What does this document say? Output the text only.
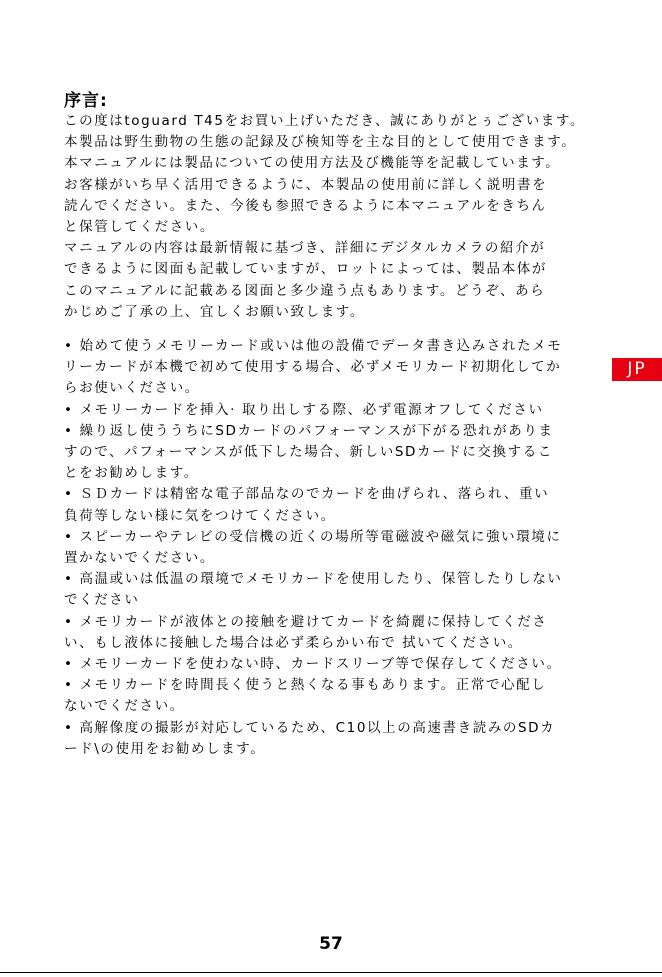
序言:
この度はtoguard T45をお買い上げいただき、誠にありがとぅございます。
本製品は野生動物の生態の記録及び検知等を主な目的として使用できます。
本マニュアルには製品についての使用方法及び機能等を記載しています。
お客様がいち早く活用できるように、本製品の使用前に詳しく説明書を
読んでください。また、今後も参照できるように本マニュアルをきちん
と保管してください。
マニュアルの内容は最新情報に基づき、詳細にデジタルカメラの紹介が
できるように図面も記載していますが、ロットによっては、製品本体が
このマニュアルに記載ある図面と多少違う点もあります。どうぞ、あら
かじめご了承の上、宜しくお願い致します。
• 始めて使うメモリーカード或いは他の設備でデータ書き込みされたメモ
リーカードが本機で初めて使用する場合、必ずメモリカード初期化してか
らお使いください。
• メモリーカードを挿入· 取り出しする際、必ず電源オフしてください
• 繰り返し使ううちにSDカードのパフォーマンスが下がる恐れがありま
すので、パフォーマンスが低下した場合、新しいSDカードに交換するこ
とをお勧めします。
• ＳＤカードは精密な電子部品なのでカードを曲げられ、落られ、重い
負荷等しない様に気をつけてください。
• スピーカーやテレビの受信機の近くの場所等電磁波や磁気に強い環境に
置かないでください。
• 高温或いは低温の環境でメモリカードを使用したり、保管したりしない
でください
• メモリカードが液体との接触を避けてカードを綺麗に保持してくださ
い、もし液体に接触した場合は必ず柔らかい布で 拭いてください。
• メモリーカードを使わない時、カードスリーブ等で保存してください。
• メモリカードを時間長く使うと熱くなる事もあります。正常で心配し
ないでください。
• 高解像度の撮影が対応しているため、C10以上の高速書き読みのSDカ
ード\の使用をお勧めします。
JP
57
